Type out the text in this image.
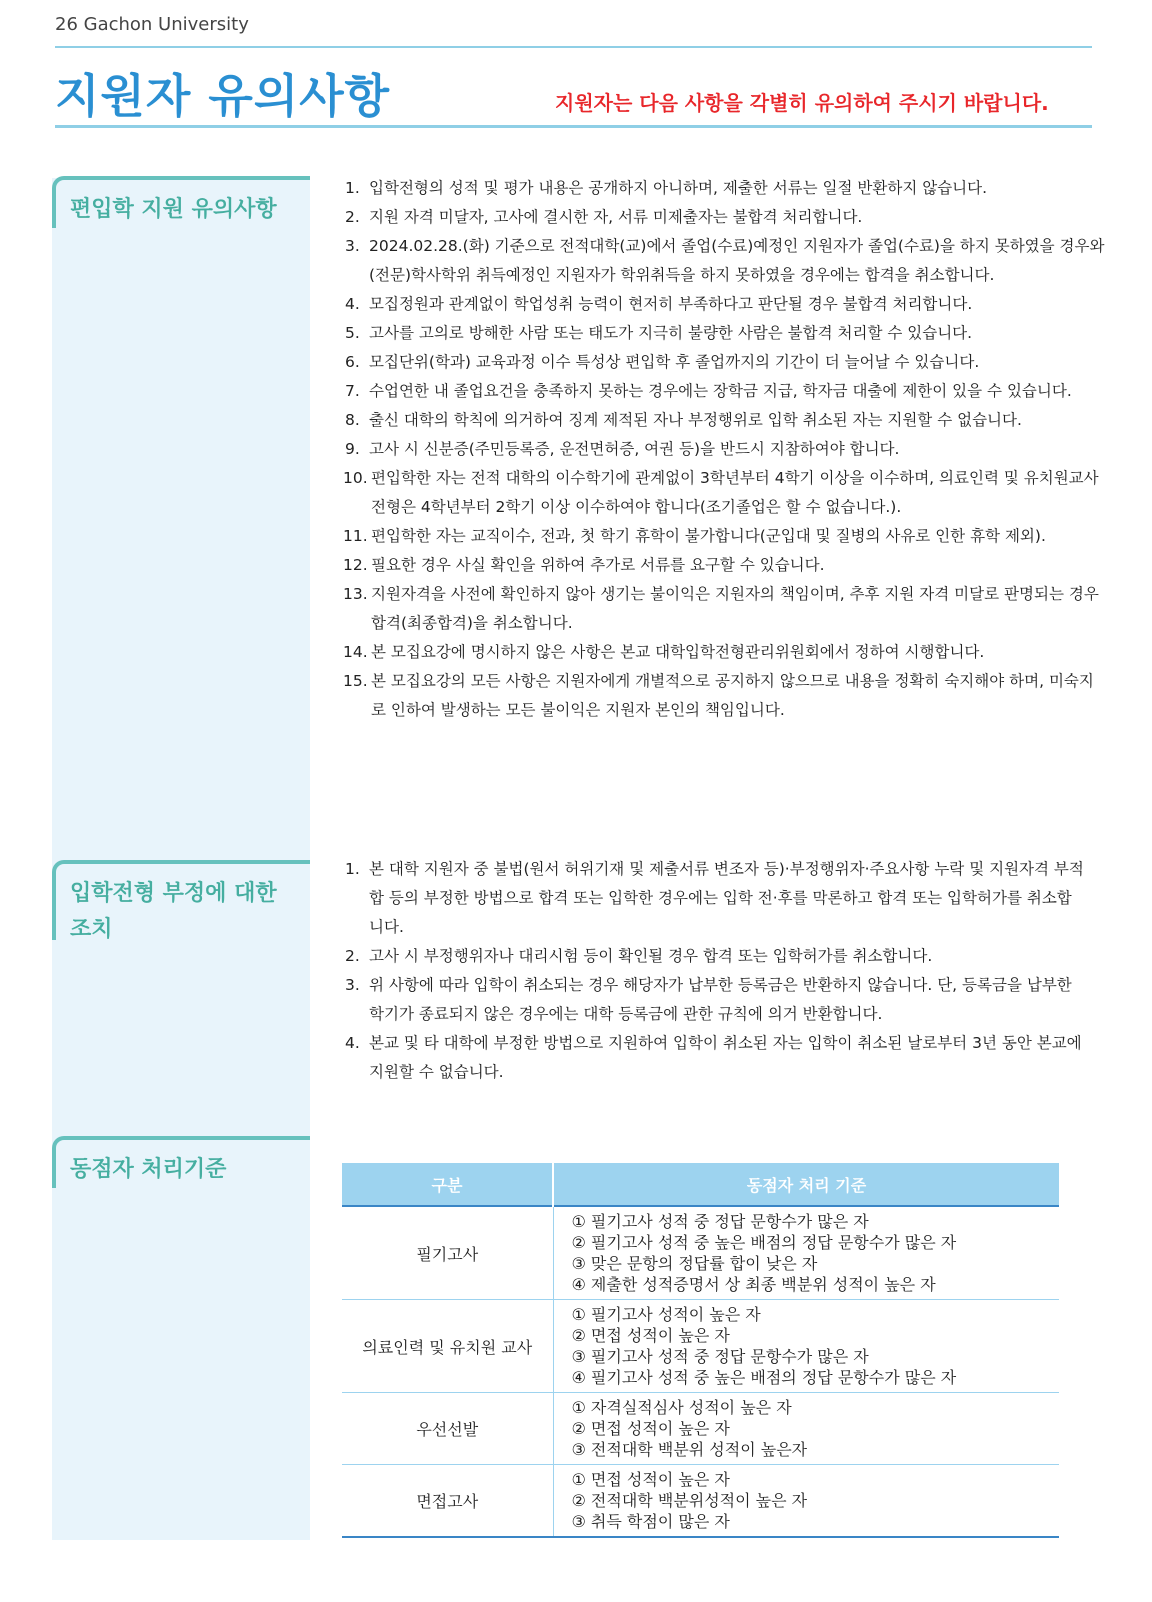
26 Gachon University
지원자 유의사항	지원자는 다음 사항을 각별히 유의하여 주시기 바랍니다.
편입학 지원 유의사항
1. 입학전형의 성적 및 평가 내용은 공개하지 아니하며, 제출한 서류는 일절 반환하지 않습니다.
2. 지원 자격 미달자, 고사에 결시한 자, 서류 미제출자는 불합격 처리합니다.
3. 2024.02.28.(화) 기준으로 전적대학(교)에서 졸업(수료)예정인 지원자가 졸업(수료)을 하지 못하였을 경우와 (전문)학사학위 취득예정인 지원자가 학위취득을 하지 못하였을 경우에는 합격을 취소합니다.
4. 모집정원과 관계없이 학업성취 능력이 현저히 부족하다고 판단될 경우 불합격 처리합니다.
5. 고사를 고의로 방해한 사람 또는 태도가 지극히 불량한 사람은 불합격 처리할 수 있습니다.
6. 모집단위(학과) 교육과정 이수 특성상 편입학 후 졸업까지의 기간이 더 늘어날 수 있습니다.
7. 수업연한 내 졸업요건을 충족하지 못하는 경우에는 장학금 지급, 학자금 대출에 제한이 있을 수 있습니다.
8. 출신 대학의 학칙에 의거하여 징계 제적된 자나 부정행위로 입학 취소된 자는 지원할 수 없습니다.
9. 고사 시 신분증(주민등록증, 운전면허증, 여권 등)을 반드시 지참하여야 합니다.
10. 편입학한 자는 전적 대학의 이수학기에 관계없이 3학년부터 4학기 이상을 이수하며, 의료인력 및 유치원교사 전형은 4학년부터 2학기 이상 이수하여야 합니다(조기졸업은 할 수 없습니다.).
11. 편입학한 자는 교직이수, 전과, 첫 학기 휴학이 불가합니다(군입대 및 질병의 사유로 인한 휴학 제외).
12. 필요한 경우 사실 확인을 위하여 추가로 서류를 요구할 수 있습니다.
13. 지원자격을 사전에 확인하지 않아 생기는 불이익은 지원자의 책임이며, 추후 지원 자격 미달로 판명되는 경우 합격(최종합격)을 취소합니다.
14. 본 모집요강에 명시하지 않은 사항은 본교 대학입학전형관리위원회에서 정하여 시행합니다.
15. 본 모집요강의 모든 사항은 지원자에게 개별적으로 공지하지 않으므로 내용을 정확히 숙지해야 하며, 미숙지로 인하여 발생하는 모든 불이익은 지원자 본인의 책임입니다.
입학전형 부정에 대한
조치
1. 본 대학 지원자 중 불법(원서 허위기재 및 제출서류 변조자 등)·부정행위자·주요사항 누락 및 지원자격 부적합 등의 부정한 방법으로 합격 또는 입학한 경우에는 입학 전·후를 막론하고 합격 또는 입학허가를 취소합니다.
2. 고사 시 부정행위자나 대리시험 등이 확인될 경우 합격 또는 입학허가를 취소합니다.
3. 위 사항에 따라 입학이 취소되는 경우 해당자가 납부한 등록금은 반환하지 않습니다. 단, 등록금을 납부한 학기가 종료되지 않은 경우에는 대학 등록금에 관한 규칙에 의거 반환합니다.
4. 본교 및 타 대학에 부정한 방법으로 지원하여 입학이 취소된 자는 입학이 취소된 날로부터 3년 동안 본교에 지원할 수 없습니다.
동점자 처리기준
구분	동점자 처리 기준
필기고사	① 필기고사 성적 중 정답 문항수가 많은 자
② 필기고사 성적 중 높은 배점의 정답 문항수가 많은 자
③ 맞은 문항의 정답률 합이 낮은 자
④ 제출한 성적증명서 상 최종 백분위 성적이 높은 자

의료인력 및 유치원 교사	① 필기고사 성적이 높은 자
② 면접 성적이 높은 자
③ 필기고사 성적 중 정답 문항수가 많은 자
④ 필기고사 성적 중 높은 배점의 정답 문항수가 많은 자

우선선발	① 자격실적심사 성적이 높은 자
② 면접 성적이 높은 자
③ 전적대학 백분위 성적이 높은자

면접고사	① 면접 성적이 높은 자
② 전적대학 백분위성적이 높은 자
③ 취득 학점이 많은 자
